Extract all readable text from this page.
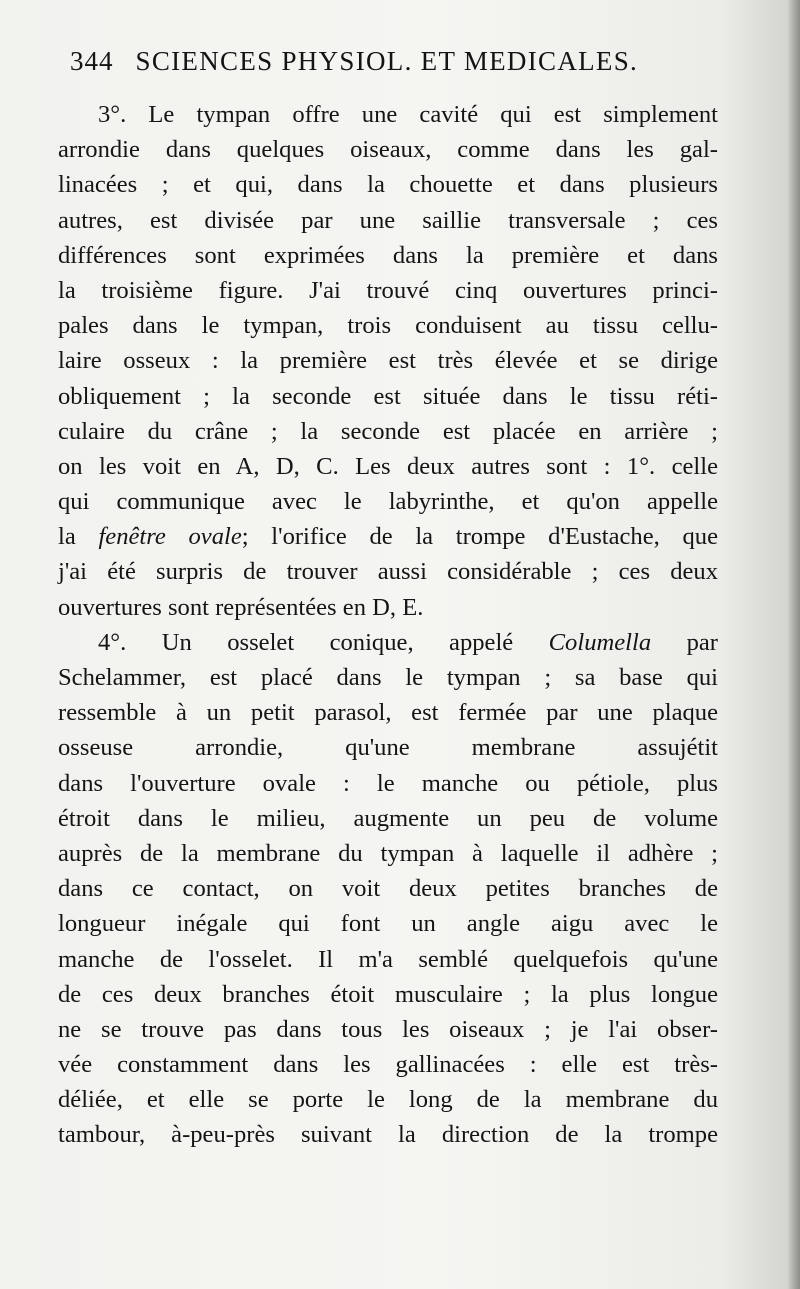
344 SCIENCES PHYSIOL. ET MEDICALES.
3°. Le tympan offre une cavité qui est simplement
arrondie dans quelques oiseaux, comme dans les gal-
linacées ; et qui, dans la chouette et dans plusieurs
autres, est divisée par une saillie transversale ; ces
différences sont exprimées dans la première et dans
la troisième figure. J'ai trouvé cinq ouvertures princi-
pales dans le tympan, trois conduisent au tissu cellu-
laire osseux : la première est très élevée et se dirige
obliquement ; la seconde est située dans le tissu réti-
culaire du crâne ; la seconde est placée en arrière ;
on les voit en A, D, C. Les deux autres sont : 1°. celle
qui communique avec le labyrinthe, et qu'on appelle
la fenêtre ovale; l'orifice de la trompe d'Eustache, que
j'ai été surpris de trouver aussi considérable ; ces deux
ouvertures sont représentées en D, E.
4°. Un osselet conique, appelé Columella par
Schelammer, est placé dans le tympan ; sa base qui
ressemble à un petit parasol, est fermée par une plaque
osseuse arrondie, qu'une membrane assujétit
dans l'ouverture ovale : le manche ou pétiole, plus
étroit dans le milieu, augmente un peu de volume
auprès de la membrane du tympan à laquelle il adhère ;
dans ce contact, on voit deux petites branches de
longueur inégale qui font un angle aigu avec le
manche de l'osselet. Il m'a semblé quelquefois qu'une
de ces deux branches étoit musculaire ; la plus longue
ne se trouve pas dans tous les oiseaux ; je l'ai obser-
vée constamment dans les gallinacées : elle est très-
déliée, et elle se porte le long de la membrane du
tambour, à-peu-près suivant la direction de la trompe
